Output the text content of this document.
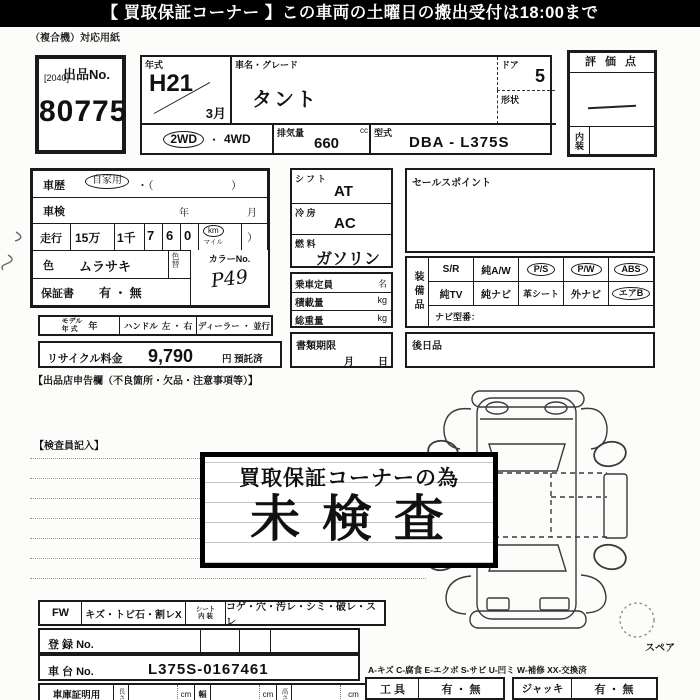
【 買取保証コーナー 】この車両の土曜日の搬出受付は18:00まで
（複合機）対応用紙
[2040]
出品No.
80775
年式
H21
3月
車名・グレード
タント
ドア
5
形状
2WD ・ 4WD	排気量	cc
660
型式
DBA - L375S
評 価 点
内装
車歴	自家用	・（	）
車検	年	月
走行 15万 1千 7 6 0	km
マイル ）
色 ムラサキ	色替
保証書 有 ・ 無
カラーNo.
P49
モデル
年 式	年	ハンドル 左 ・ 右 ディーラー ・ 並行
リサイクル料金 9,790	円 預託済
【出品店申告欄（不良箇所・欠品・注意事項等）】
シフト
AT
冷 房
AC
燃 料
ガソリン
乗車定員	名
積載量	kg
総重量	kg
書類期限
月 日
セールスポイント
装備品
S/R	純A/W	P/S	P/W	ABS
純TV	純ナビ	革シート	外ナビ	エアB
ナビ型番：
後日品
【検査員記入】
買取保証コーナーの為
未 検 査
FW	キズ・トビ石・割レX
シート
内 装
コゲ・穴・汚レ・シミ・破レ・スレ
登 録 No.
車 台 No.	L375S-0167461
車庫証明用	長さ	cm 幅	cm	高さ	cm
スペア
A-キズ C-腐食 E-エクボ S-サビ U-凹ミ W-補修 XX-交換済
工 具	有 ・ 無	ジャッキ	有 ・ 無
